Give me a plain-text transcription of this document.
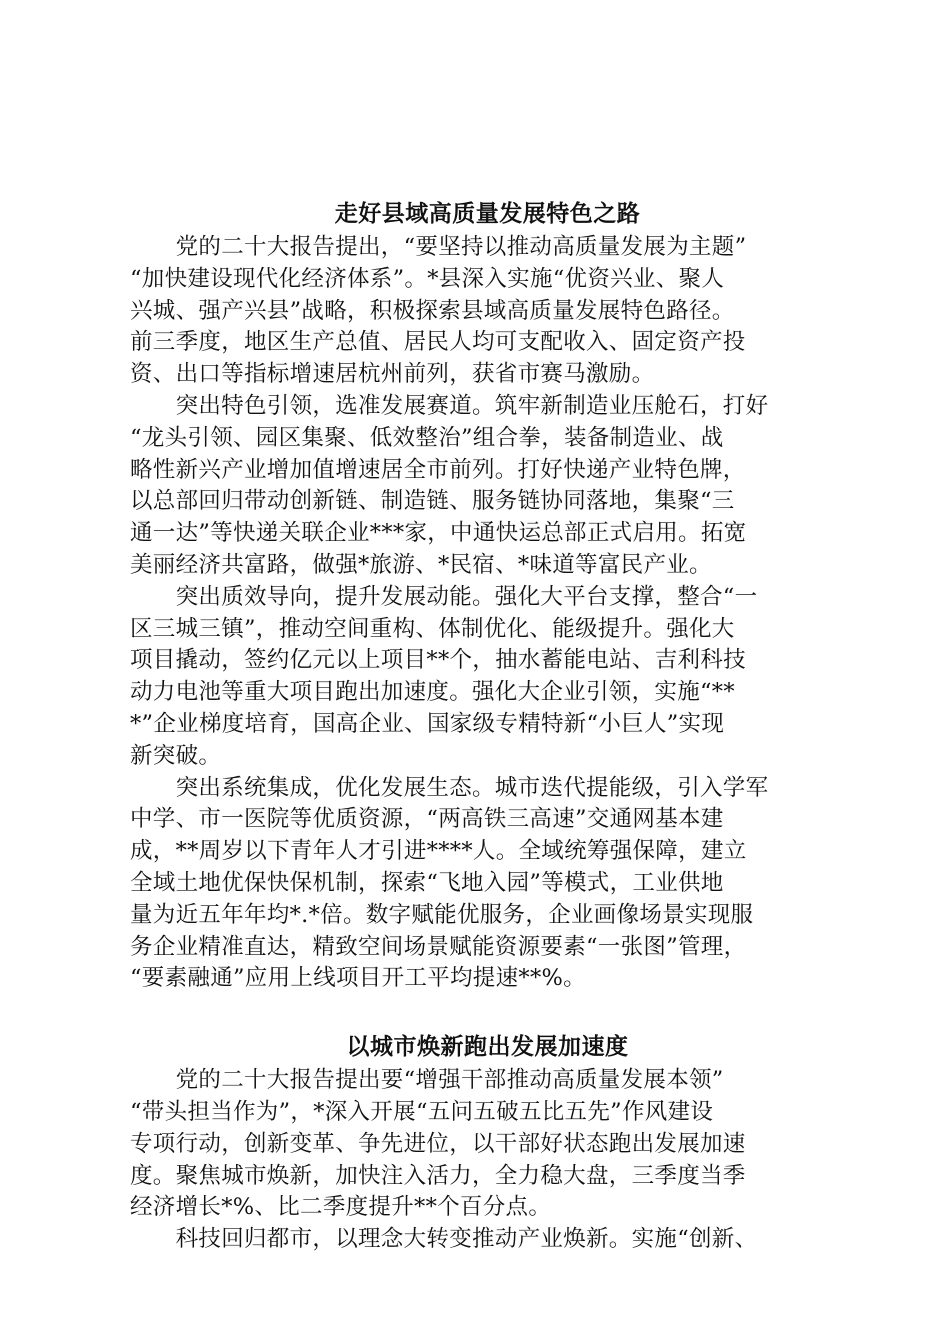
走好县域高质量发展特色之路

　　党的二十大报告提出，“要坚持以推动高质量发展为主题”
“加快建设现代化经济体系”。*县深入实施“优资兴业、聚人
兴城、强产兴县”战略，积极探索县域高质量发展特色路径。
前三季度，地区生产总值、居民人均可支配收入、固定资产投
资、出口等指标增速居杭州前列，获省市赛马激励。

　　突出特色引领，选准发展赛道。筑牢新制造业压舱石，打好
“龙头引领、园区集聚、低效整治”组合拳，装备制造业、战
略性新兴产业增加值增速居全市前列。打好快递产业特色牌，
以总部回归带动创新链、制造链、服务链协同落地，集聚“三
通一达”等快递关联企业***家，中通快运总部正式启用。拓宽
美丽经济共富路，做强*旅游、*民宿、*味道等富民产业。

　　突出质效导向，提升发展动能。强化大平台支撑，整合“一
区三城三镇”，推动空间重构、体制优化、能级提升。强化大
项目撬动，签约亿元以上项目**个，抽水蓄能电站、吉利科技
动力电池等重大项目跑出加速度。强化大企业引领，实施“**
*”企业梯度培育，国高企业、国家级专精特新“小巨人”实现
新突破。

　　突出系统集成，优化发展生态。城市迭代提能级，引入学军
中学、市一医院等优质资源，“两高铁三高速”交通网基本建
成，**周岁以下青年人才引进****人。全域统筹强保障，建立
全域土地优保快保机制，探索“飞地入园”等模式，工业供地
量为近五年年均*.*倍。数字赋能优服务，企业画像场景实现服
务企业精准直达，精致空间场景赋能资源要素“一张图”管理，
“要素融通”应用上线项目开工平均提速**%。

以城市焕新跑出发展加速度

　　党的二十大报告提出要“增强干部推动高质量发展本领”
“带头担当作为”，*深入开展“五问五破五比五先”作风建设
专项行动，创新变革、争先进位，以干部好状态跑出发展加速
度。聚焦城市焕新，加快注入活力，全力稳大盘，三季度当季
经济增长*%、比二季度提升**个百分点。

　　科技回归都市，以理念大转变推动产业焕新。实施“创新、
